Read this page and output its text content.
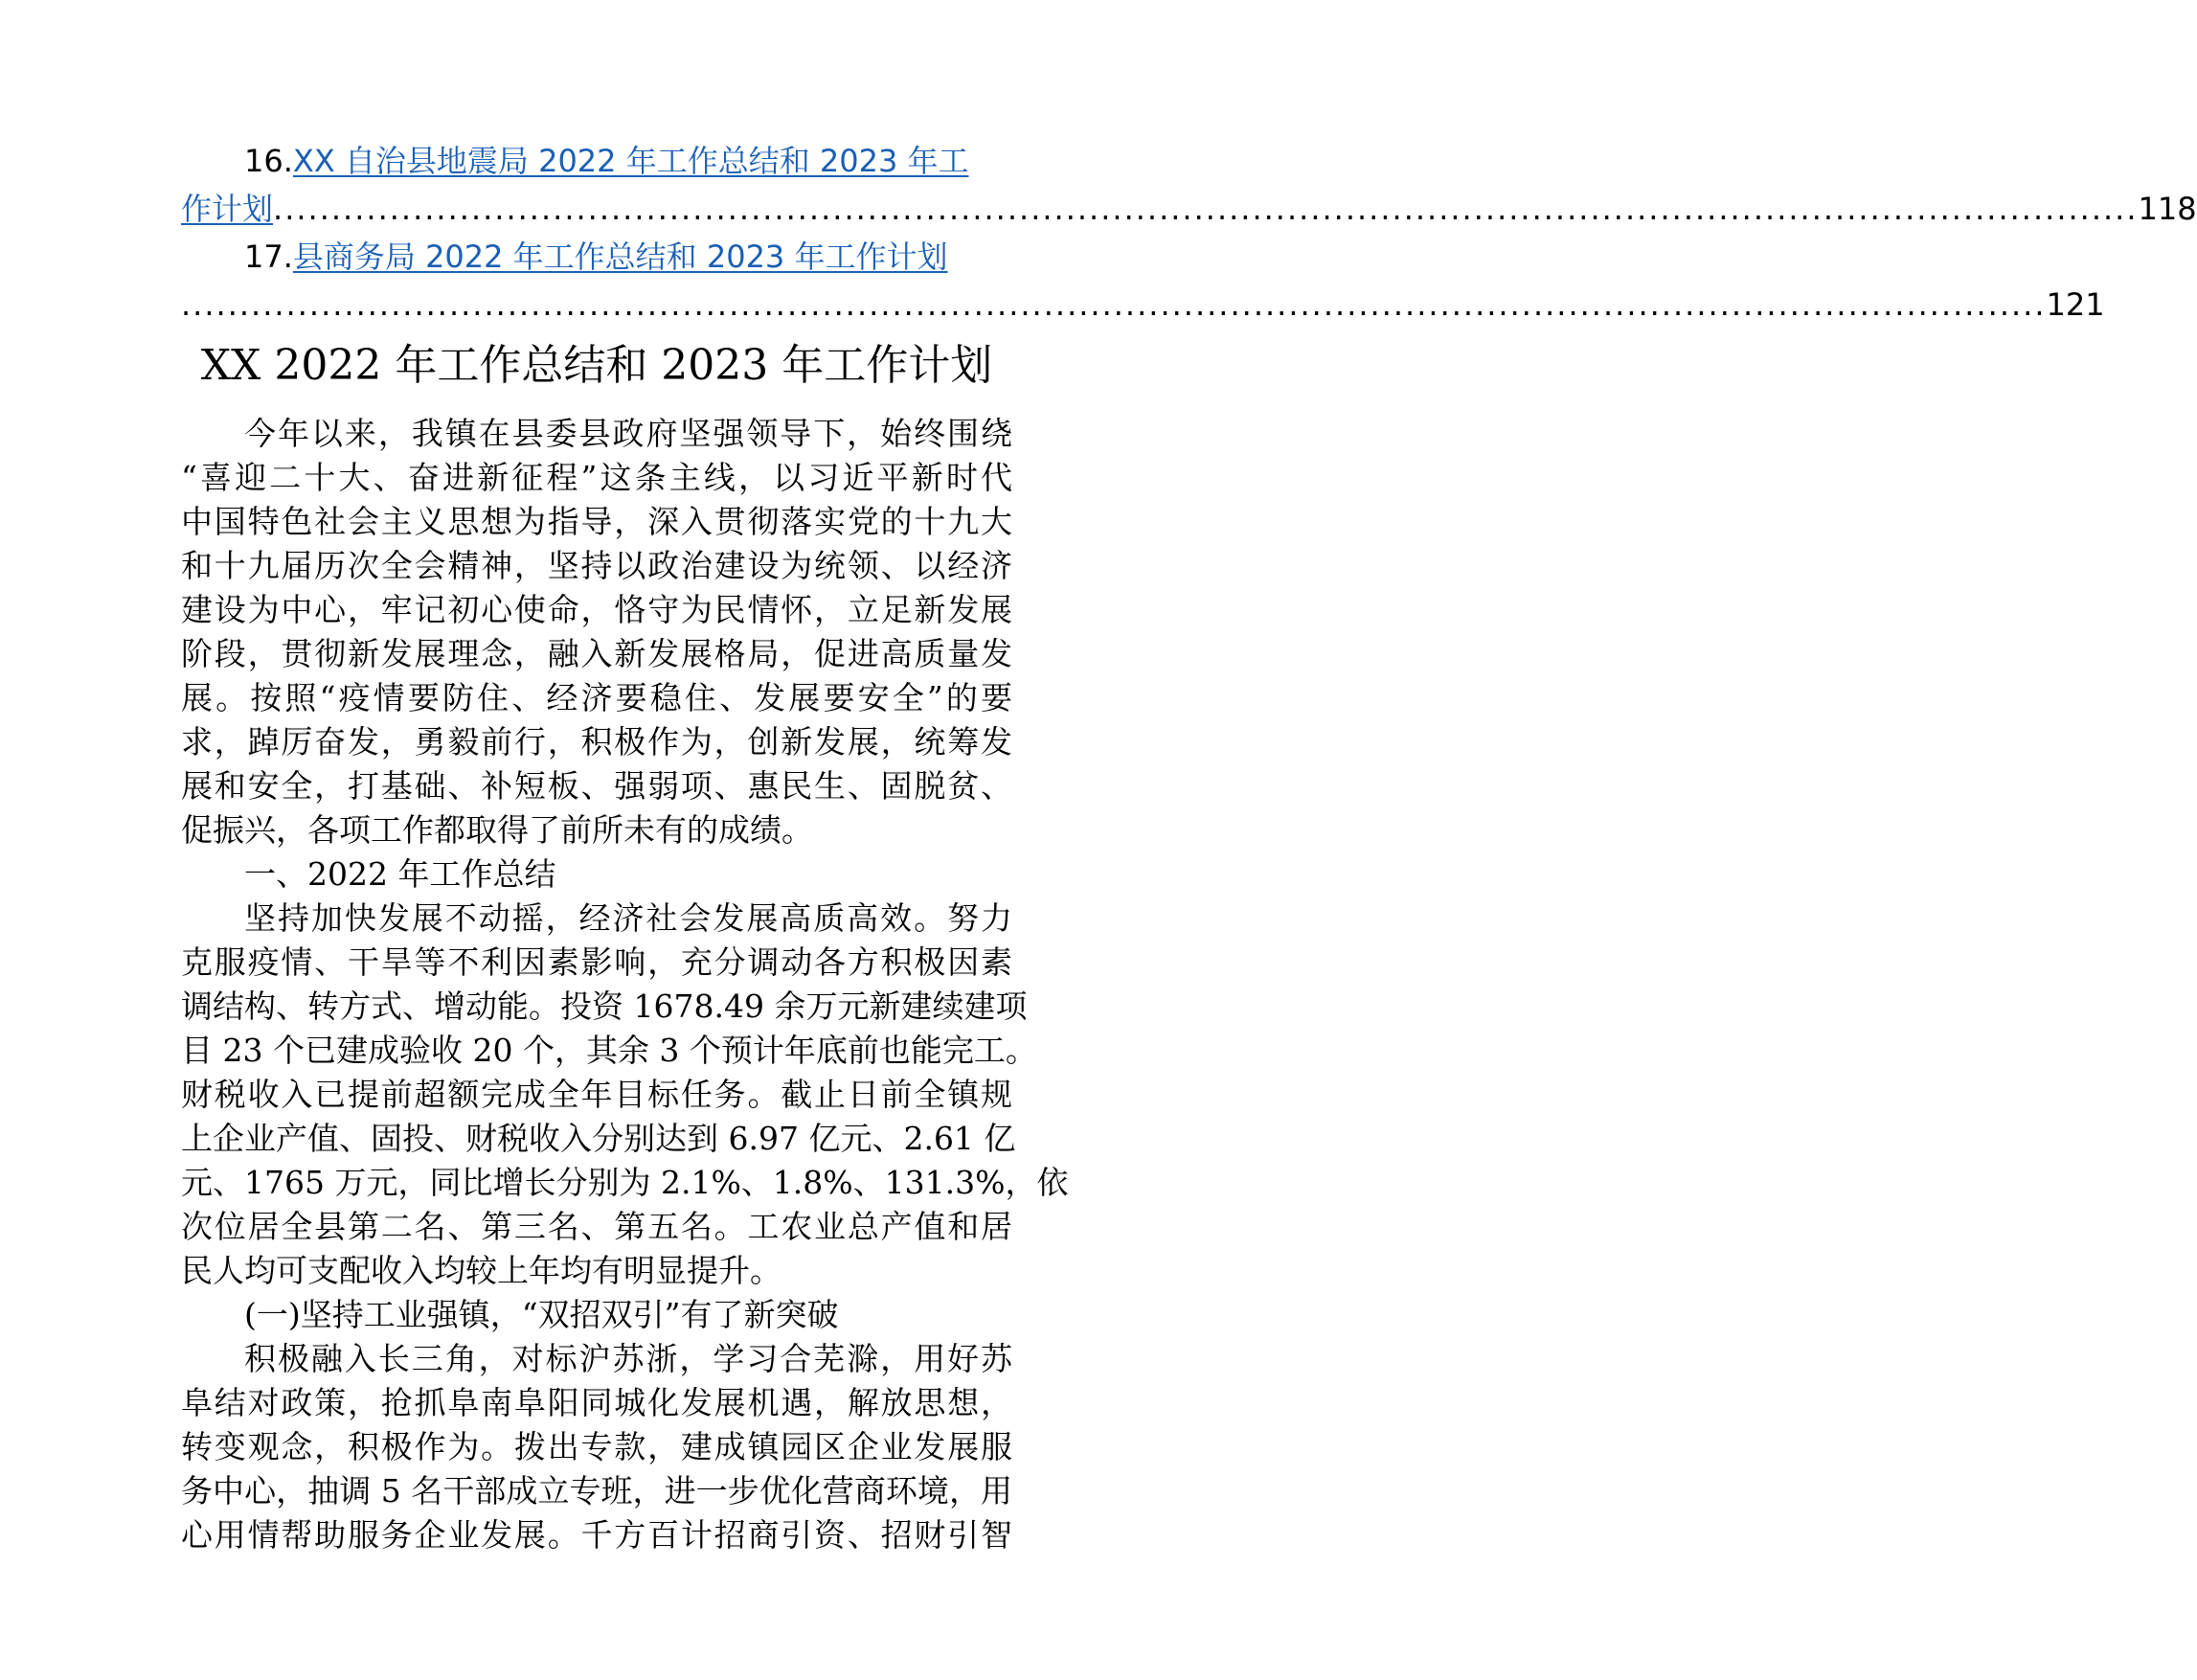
16.XX 自治县地震局 2022 年工作总结和 2023 年工
作计划 ................................................................................................................................................................ 118
17.县商务局 2022 年工作总结和 2023 年工作计划
................................................................................................................................................................ 121
XX 2022 年工作总结和 2023 年工作计划
今年以来，我镇在县委县政府坚强领导下，始终围绕
“喜迎二十大、奋进新征程”这条主线，以习近平新时代
中国特色社会主义思想为指导，深入贯彻落实党的十九大
和十九届历次全会精神，坚持以政治建设为统领、以经济
建设为中心，牢记初心使命，恪守为民情怀，立足新发展
阶段，贯彻新发展理念，融入新发展格局，促进高质量发
展。按照“疫情要防住、经济要稳住、发展要安全”的要
求，踔厉奋发，勇毅前行，积极作为，创新发展，统筹发
展和安全，打基础、补短板、强弱项、惠民生、固脱贫、
促振兴，各项工作都取得了前所未有的成绩。
一、2022 年工作总结
坚持加快发展不动摇，经济社会发展高质高效。努力
克服疫情、干旱等不利因素影响，充分调动各方积极因素
调结构、转方式、增动能。投资 1678.49 余万元新建续建项
目 23 个已建成验收 20 个，其余 3 个预计年底前也能完工。
财税收入已提前超额完成全年目标任务。截止日前全镇规
上企业产值、固投、财税收入分别达到 6.97 亿元、2.61 亿
元、1765 万元，同比增长分别为 2.1%、1.8%、131.3%，依
次位居全县第二名、第三名、第五名。工农业总产值和居
民人均可支配收入均较上年均有明显提升。
(一)坚持工业强镇，“双招双引”有了新突破
积极融入长三角，对标沪苏浙，学习合芜滁，用好苏
阜结对政策，抢抓阜南阜阳同城化发展机遇，解放思想，
转变观念，积极作为。拨出专款，建成镇园区企业发展服
务中心，抽调 5 名干部成立专班，进一步优化营商环境，用
心用情帮助服务企业发展。千方百计招商引资、招财引智
